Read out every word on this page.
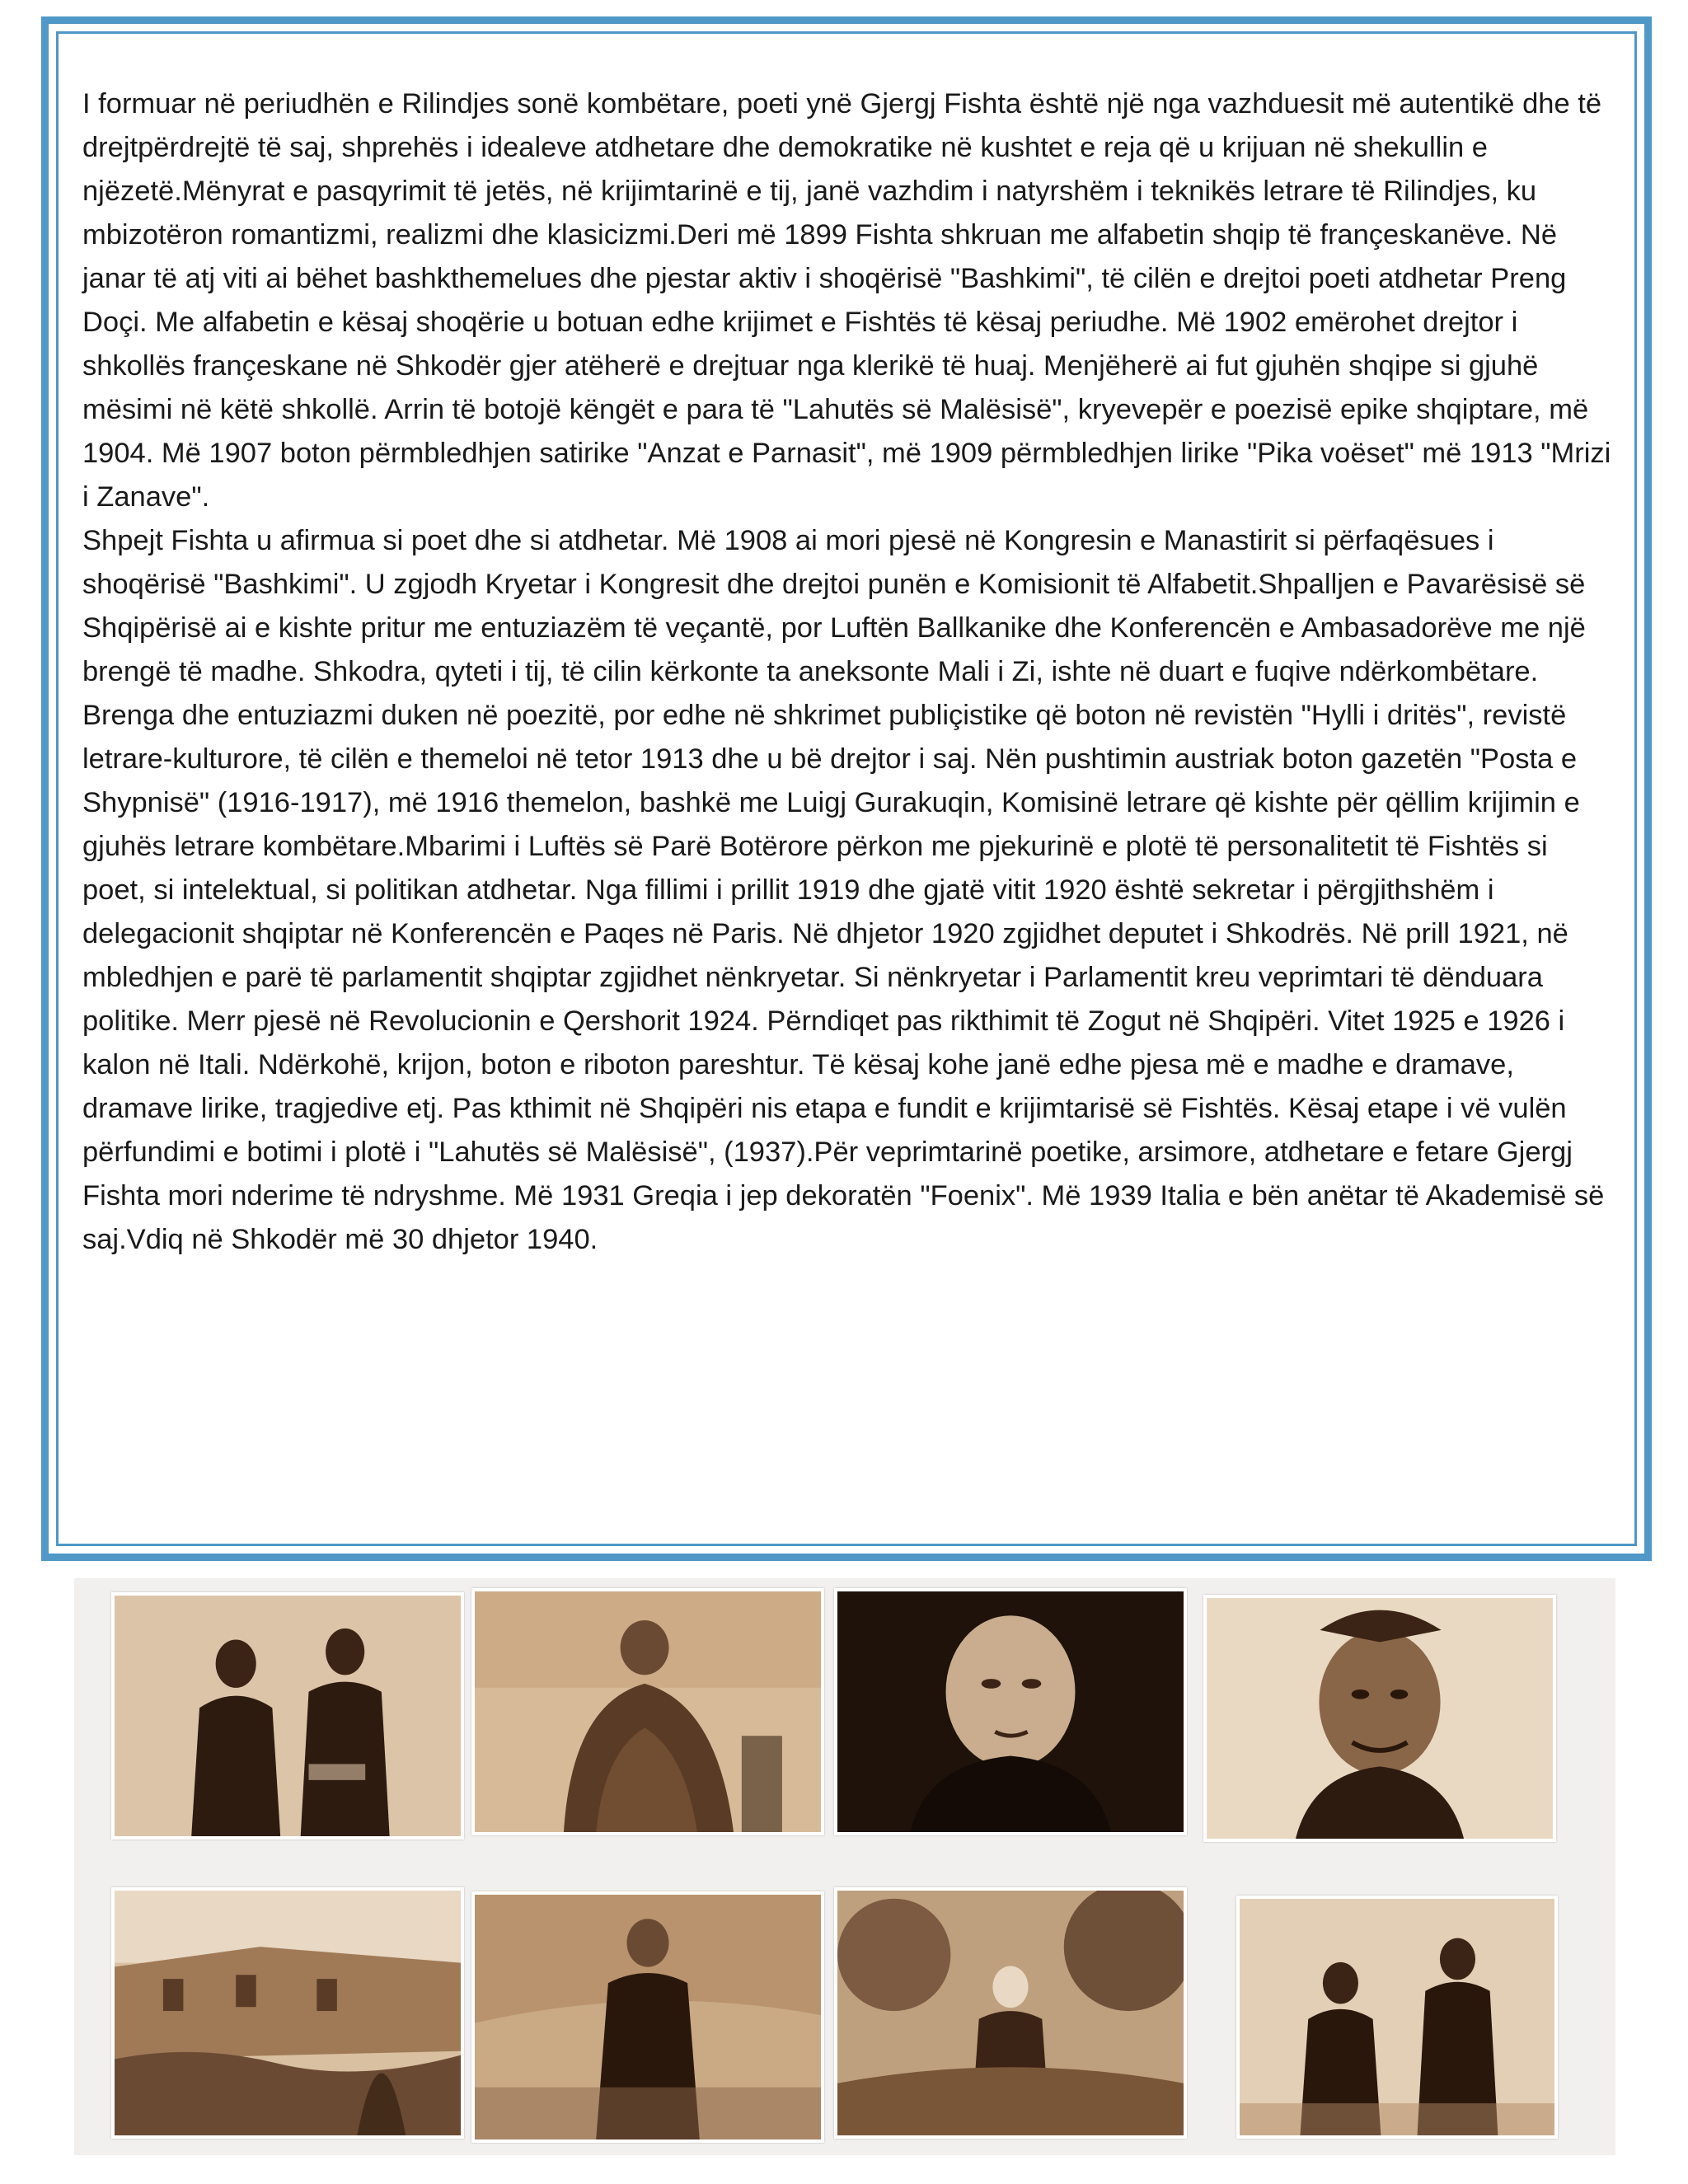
I formuar në periudhën e Rilindjes sonë kombëtare, poeti ynë Gjergj Fishta është një nga vazhduesit më autentikë dhe të drejtpërdrejtë të saj, shprehës i idealeve atdhetare dhe demokratike në kushtet e reja që u krijuan në shekullin e njëzetë.Mënyrat e pasqyrimit të jetës, në krijimtarinë e tij, janë vazhdim i natyrshëm i teknikës letrare të Rilindjes, ku mbizotëron romantizmi, realizmi dhe klasicizmi.Deri më 1899 Fishta shkruan me alfabetin shqip të françeskanëve. Në janar të atj viti ai bëhet bashkthemelues dhe pjestar aktiv i shoqërisë "Bashkimi", të cilën e drejtoi poeti atdhetar Preng Doçi. Me alfabetin e kësaj shoqërie u botuan edhe krijimet e Fishtës të kësaj periudhe. Më 1902 emërohet drejtor i shkollës françeskane në Shkodër gjer atëherë e drejtuar nga klerikë të huaj. Menjëherë ai fut gjuhën shqipe si gjuhë mësimi në këtë shkollë. Arrin të botojë këngët e para të "Lahutës së Malësisë", kryevepër e poezisë epike shqiptare, më 1904. Më 1907 boton përmbledhjen satirike "Anzat e Parnasit", më 1909 përmbledhjen lirike "Pika voëset" më 1913 "Mrizi i Zanave".

Shpejt Fishta u afirmua si poet dhe si atdhetar. Më 1908 ai mori pjesë në Kongresin e Manastirit si përfaqësues i shoqërisë "Bashkimi". U zgjodh Kryetar i Kongresit dhe drejtoi punën e Komisionit të Alfabetit.Shpalljen e Pavarësisë së Shqipërisë ai e kishte pritur me entuziazëm të veçantë, por Luftën Ballkanike dhe Konferencën e Ambasadorëve me një brengë të madhe. Shkodra, qyteti i tij, të cilin kërkonte ta aneksonte Mali i Zi, ishte në duart e fuqive ndërkombëtare. Brenga dhe entuziazmi duken në poezitë, por edhe në shkrimet publiçistike që boton në revistën "Hylli i dritës", revistë letrare-kulturore, të cilën e themeloi në tetor 1913 dhe u bë drejtor i saj. Nën pushtimin austriak boton gazetën "Posta e Shypnisë" (1916-1917), më 1916 themelon, bashkë me Luigj Gurakuqin, Komisinë letrare që kishte për qëllim krijimin e gjuhës letrare kombëtare.Mbarimi i Luftës së Parë Botërore përkon me pjekurinë e plotë të personalitetit të Fishtës si poet, si intelektual, si politikan atdhetar. Nga fillimi i prillit 1919 dhe gjatë vitit 1920 është sekretar i përgjithshëm i delegacionit shqiptar në Konferencën e Paqes në Paris. Në dhjetor 1920 zgjidhet deputet i Shkodrës. Në prill 1921, në mbledhjen e parë të parlamentit shqiptar zgjidhet nënkryetar. Si nënkryetar i Parlamentit kreu veprimtari të dënduara politike. Merr pjesë në Revolucionin e Qershorit 1924. Përndiqet pas rikthimit të Zogut në Shqipëri. Vitet 1925 e 1926 i kalon në Itali. Ndërkohë, krijon, boton e riboton pareshtur. Të kësaj kohe janë edhe pjesa më e madhe e dramave, dramave lirike, tragjedive etj. Pas kthimit në Shqipëri nis etapa e fundit e krijimtarisë së Fishtës. Kësaj etape i vë vulën përfundimi e botimi i plotë i "Lahutës së Malësisë", (1937).Për veprimtarinë poetike, arsimore, atdhetare e fetare Gjergj Fishta mori nderime të ndryshme. Më 1931 Greqia i jep dekoratën "Foenix". Më 1939 Italia e bën anëtar të Akademisë së saj.Vdiq në Shkodër më 30 dhjetor 1940.
